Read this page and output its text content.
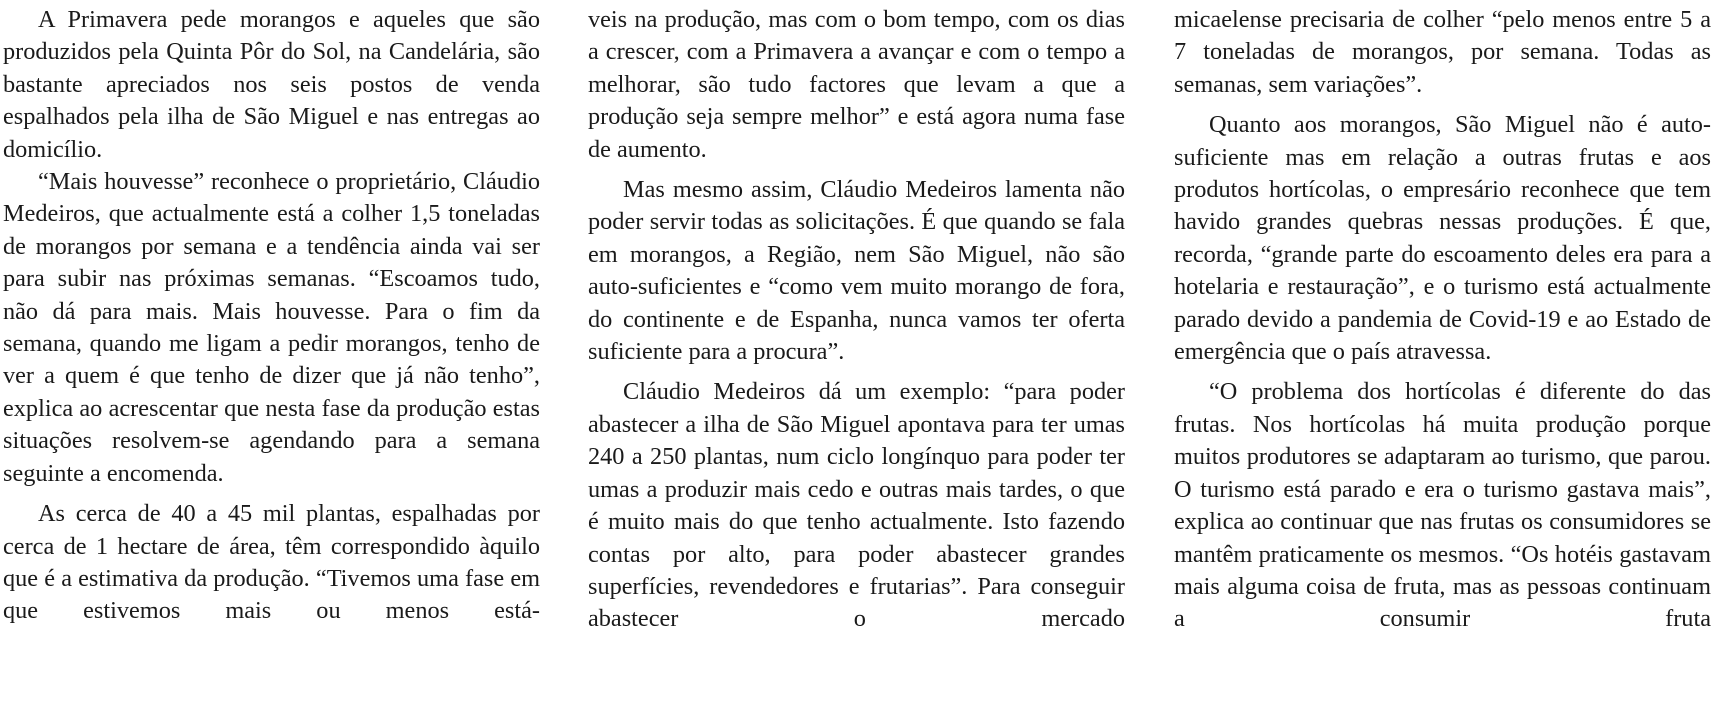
A Primavera pede morangos e aqueles que são produzidos pela Quinta Pôr do Sol, na Candelária, são bastante apreciados nos seis postos de venda espalhados pela ilha de São Miguel e nas entregas ao domicílio.

“Mais houvesse” reconhece o proprietário, Cláudio Medeiros, que actualmente está a colher 1,5 toneladas de morangos por semana e a tendência ainda vai ser para subir nas próximas semanas. “Escoamos tudo, não dá para mais. Mais houvesse. Para o fim da semana, quando me ligam a pedir morangos, tenho de ver a quem é que tenho de dizer que já não tenho”, explica ao acrescentar que nesta fase da produção estas situações resolvem-se agendando para a semana seguinte a encomenda.

As cerca de 40 a 45 mil plantas, espalhadas por cerca de 1 hectare de área, têm correspondido àquilo que é a estimativa da produção. “Tivemos uma fase em que estivemos mais ou menos está-

veis na produção, mas com o bom tempo, com os dias a crescer, com a Primavera a avançar e com o tempo a melhorar, são tudo factores que levam a que a produção seja sempre melhor” e está agora numa fase de aumento.

Mas mesmo assim, Cláudio Medeiros lamenta não poder servir todas as solicitações. É que quando se fala em morangos, a Região, nem São Miguel, não são auto-suficientes e “como vem muito morango de fora, do continente e de Espanha, nunca vamos ter oferta suficiente para a procura”.

Cláudio Medeiros dá um exemplo: “para poder abastecer a ilha de São Miguel apontava para ter umas 240 a 250 plantas, num ciclo longínquo para poder ter umas a produzir mais cedo e outras mais tardes, o que é muito mais do que tenho actualmente. Isto fazendo contas por alto, para poder abastecer grandes superfícies, revendedores e frutarias”. Para conseguir abastecer o mercado

micaelense precisaria de colher “pelo menos entre 5 a 7 toneladas de morangos, por semana. Todas as semanas, sem variações”.

Quanto aos morangos, São Miguel não é auto-suficiente mas em relação a outras frutas e aos produtos hortícolas, o empresário reconhece que tem havido grandes quebras nessas produções. É que, recorda, “grande parte do escoamento deles era para a hotelaria e restauração”, e o turismo está actualmente parado devido a pandemia de Covid-19 e ao Estado de emergência que o país atravessa.

“O problema dos hortícolas é diferente do das frutas. Nos hortícolas há muita produção porque muitos produtores se adaptaram ao turismo, que parou. O turismo está parado e era o turismo gastava mais”, explica ao continuar que nas frutas os consumidores se mantêm praticamente os mesmos. “Os hotéis gastavam mais alguma coisa de fruta, mas as pessoas continuam a consumir fruta
